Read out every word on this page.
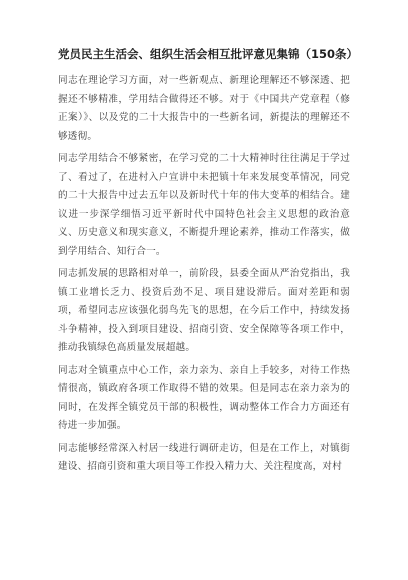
党员民主生活会、组织生活会相互批评意见集锦（150条）

同志在理论学习方面，对一些新观点、新理论理解还不够深透、把握还不够精准，学用结合做得还不够。对于《中国共产党章程（修正案）》、以及党的二十大报告中的一些新名词，新提法的理解还不够透彻。

同志学用结合不够紧密，在学习党的二十大精神时往往满足于学过了、看过了，在进村入户宣讲中未把镇十年来发展变革情况，同党的二十大报告中过去五年以及新时代十年的伟大变革的相结合。建议进一步深学细悟习近平新时代中国特色社会主义思想的政治意义、历史意义和现实意义，不断提升理论素养，推动工作落实，做到学用结合、知行合一。

同志抓发展的思路相对单一，前阶段，县委全面从严治党指出，我镇工业增长乏力、投资后劲不足、项目建设滞后。面对差距和弱项，希望同志应该强化弱鸟先飞的思想，在今后工作中，持续发扬斗争精神，投入到项目建设、招商引资、安全保障等各项工作中，推动我镇绿色高质量发展超越。

同志对全镇重点中心工作，亲力亲为、亲自上手较多，对待工作热情很高，镇政府各项工作取得不错的效果。但是同志在亲力亲为的同时，在发挥全镇党员干部的积极性，调动整体工作合力方面还有待进一步加强。

同志能够经常深入村居一线进行调研走访，但是在工作上，对镇街建设、招商引资和重大项目等工作投入精力大、关注程度高，对村
